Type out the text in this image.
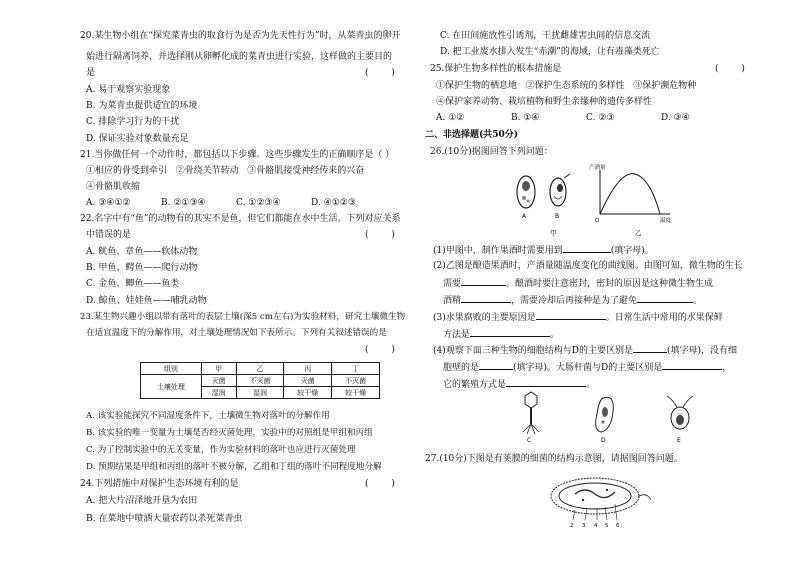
20.某生物小组在“探究菜青虫的取食行为是否为先天性行为”时，从菜青虫的卵开
始进行隔离饲养，并选择刚从卵孵化成的菜青虫进行实验，这样做的主要目的
是	(        )
A. 易于观察实验现象
B. 为菜青虫提供适宜的环境
C. 排除学习行为的干扰
D. 保证实验对象数量充足
21.当你做任何一个动作时，都包括以下步骤。这些步骤发生的正确顺序是（ ）
①相应的骨受到牵引 ②骨绕关节转动 ③骨骼肌接受神经传来的兴奋
④骨骼肌收缩
A. ③④①②	B. ②①③④	C. ①②③④	D. ④①②③
22.名字中有“鱼”的动物有的其实不是鱼，但它们都能在水中生活。下列对应关系
中错误的是	(        )
A. 鱿鱼、章鱼——软体动物
B. 甲鱼、鳄鱼——爬行动物
C. 金鱼、鲫鱼——鱼类
D. 鲸鱼、娃娃鱼——哺乳动物
23.某生物兴趣小组以带有落叶的表层土壤(深5 cm左右)为实验材料，研究土壤微生物
在适宜温度下的分解作用，对土壤处理情况如下表所示。下列有关叙述错误的是
(        )
组别	甲	乙	丙	丁
土壤处理	灭菌	不灭菌	灭菌	不灭菌
	湿润	湿润	较干燥	较干燥
A. 该实验能探究不同湿度条件下，土壤微生物对落叶的分解作用
B. 该实验的唯一变量为土壤是否经灭菌处理，实验中的对照组是甲组和丙组
C. 为了控制实验中的无关变量，作为实验材料的落叶也应进行灭菌处理
D. 预期结果是甲组和丙组的落叶不被分解，乙组和丁组的落叶不同程度地分解
24.下列措施中对保护生态环境有利的是	(        )
A. 把大片沼泽地开垦为农田
B. 在菜地中喷洒大量农药以杀死菜青虫
C. 在田间施放性引诱剂，干扰雌雄害虫间的信息交流
D. 把工业废水排入发生“赤潮”的海域，让有毒藻类死亡
25.保护生物多样性的根本措施是	(        )
①保护生物的栖息地 ②保护生态系统的多样性 ③保护濒危物种
④保护家养动物、栽培植物和野生亲缘种的遗传多样性
A. ①②	B. ①④	C. ②③	D. ③④
二、非选择题(共50分)
26.(10分)据图回答下列问题：
A	B
产酒量
O	温度
甲	乙
(1)甲图中，制作果酒时需要用到	(填字母)。
(2)乙图是酿造果酒时，产酒量随温度变化的曲线图。由图可知，微生物的生长
需要	。酿酒时要注意密封，密封的原因是这种微生物生成
酒精	，需要冷却后再接种是为了避免	。
(3)水果腐败的主要原因是	。日常生活中常用的水果保鲜
方法是	。
(4)观察下面三种生物的细胞结构与D的主要区别是	(填字母)，没有细
胞壁的是	(填字母)。大肠杆菌与D的主要区别是	，
它的繁殖方式是	。
C	D	E
27.(10分)下图是有荚膜的细菌的结构示意图，请据图回答问题。
2 3 4 5 6
